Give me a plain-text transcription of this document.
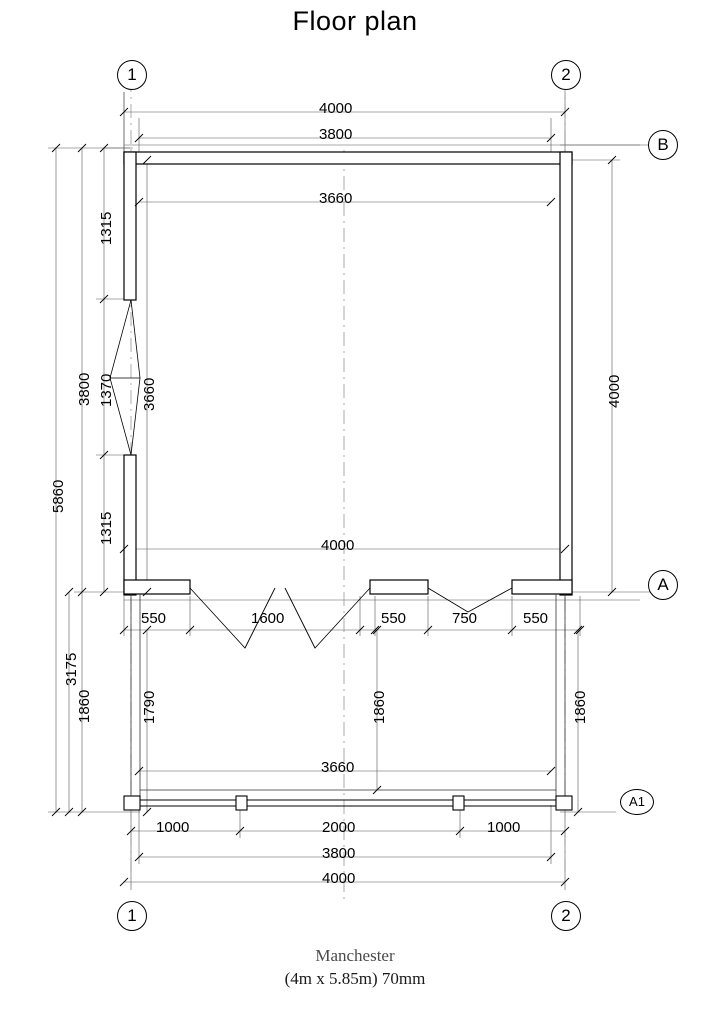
Floor plan
4000
3800
3660
4000
3660
1000	2000	1000
3800
4000
550	1600	550	750	550
5860
3800
3175
1860
1315
1370
1315
3660
1790	1860
4000
1860
1	2
B
A
A1
1	2
Manchester
(4m x 5.85m) 70mm
